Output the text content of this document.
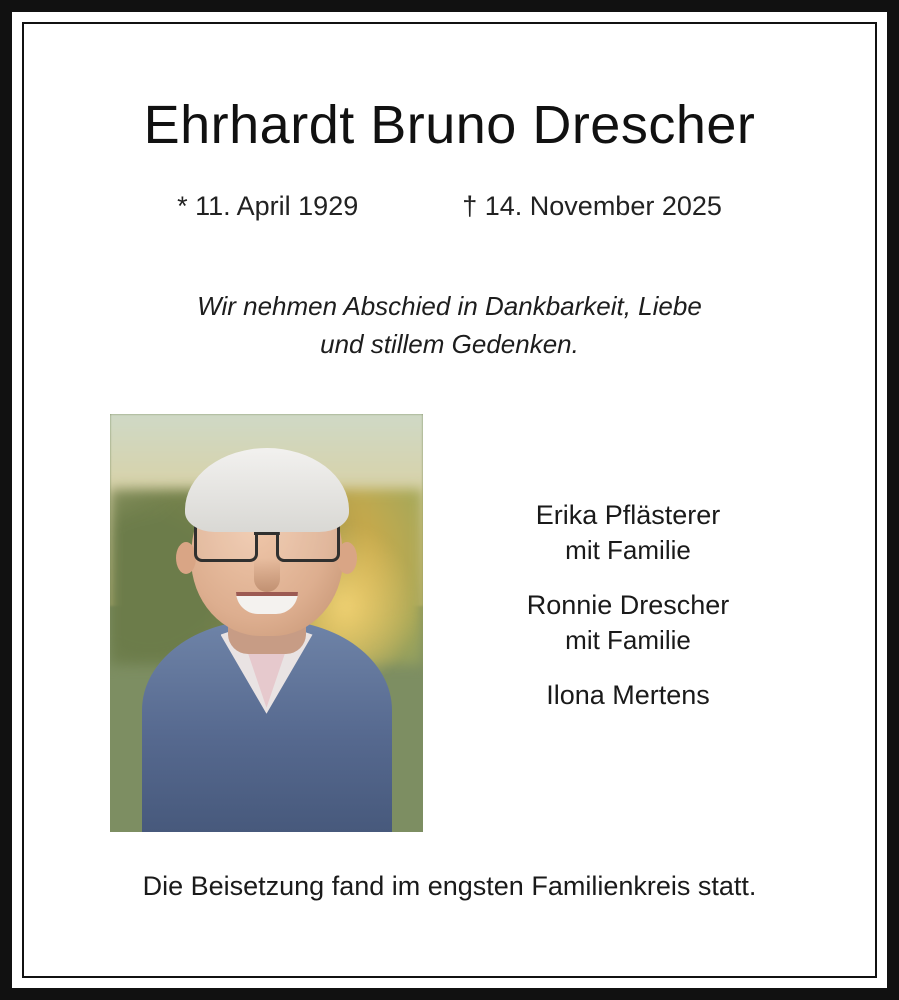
Ehrhardt Bruno Drescher
* 11. April 1929	† 14. November 2025
Wir nehmen Abschied in Dankbarkeit, Liebe
und stillem Gedenken.
Erika Pflästerer
mit Familie
Ronnie Drescher
mit Familie
Ilona Mertens
Die Beisetzung fand im engsten Familienkreis statt.
